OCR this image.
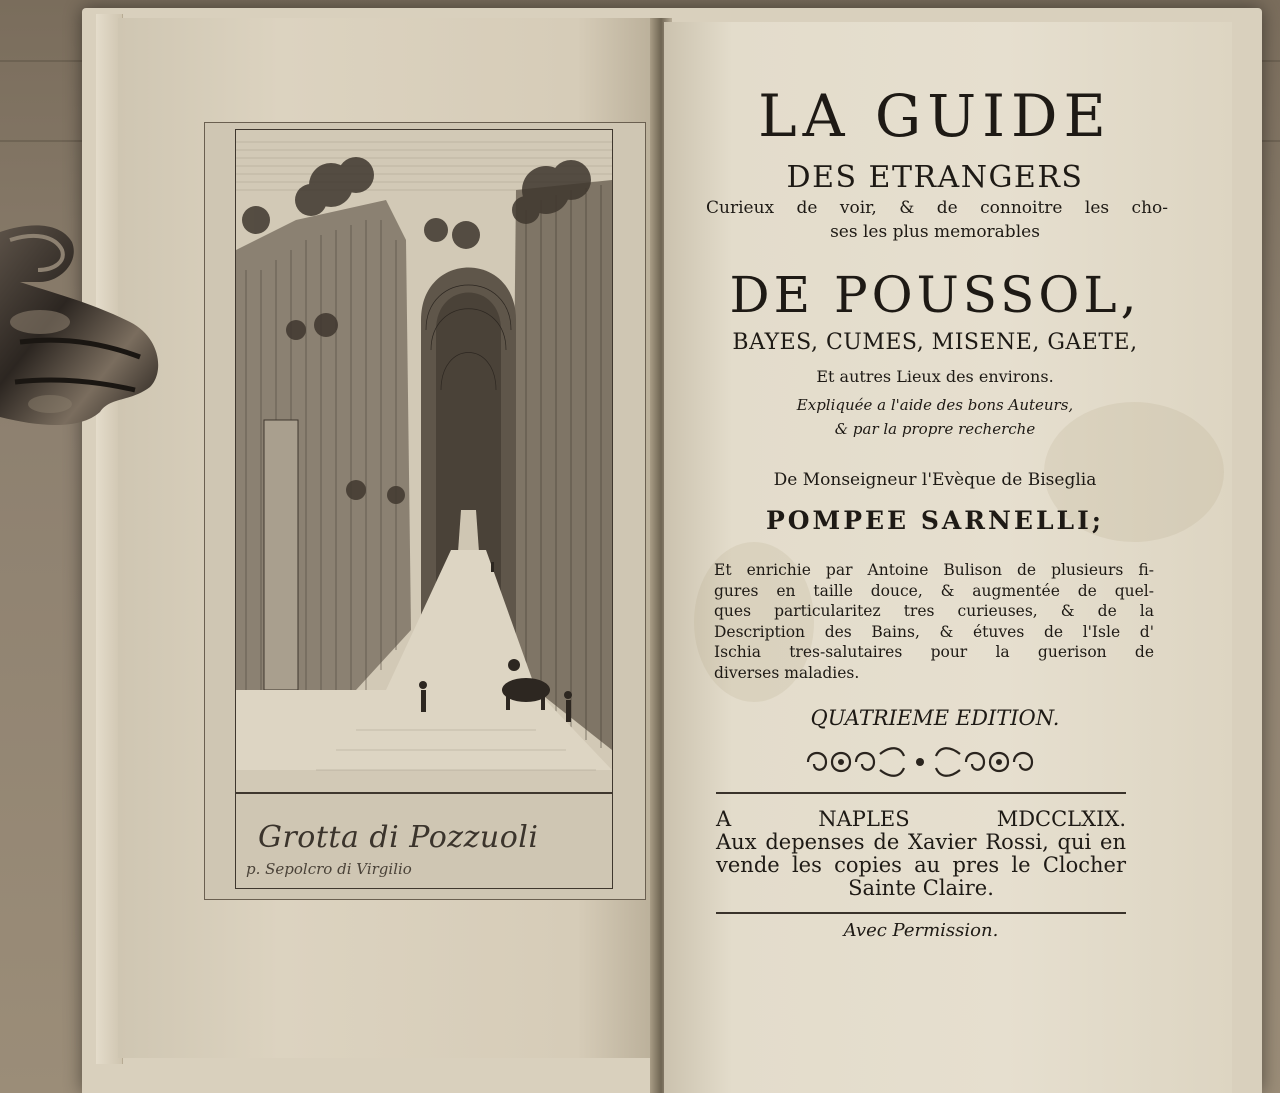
Grotta di Pozzuoli
p. Sepolcro di Virgilio
LA GUIDE
DES ETRANGERS
Curieux de voir, & de connoitre les cho-
ses les plus memorables
DE POUSSOL,
BAYES, CUMES, MISENE, GAETE,
Et autres Lieux des environs.
Expliquée a l'aide des bons Auteurs,
& par la propre recherche
De Monseigneur l'Evèque de Biseglia
POMPEE SARNELLI;
Et enrichie par Antoine Bulison de plusieurs fi-
gures en taille douce, & augmentée de quel-
ques particularitez tres curieuses, & de la
Description des Bains, & étuves de l'Isle d'
Ischia tres-salutaires pour la guerison de
diverses maladies.
QUATRIEME EDITION.
A NAPLES MDCCLXIX.
Aux depenses de Xavier Rossi, qui en
vende les copies au pres le Clocher
Sainte Claire.
Avec Permission.
